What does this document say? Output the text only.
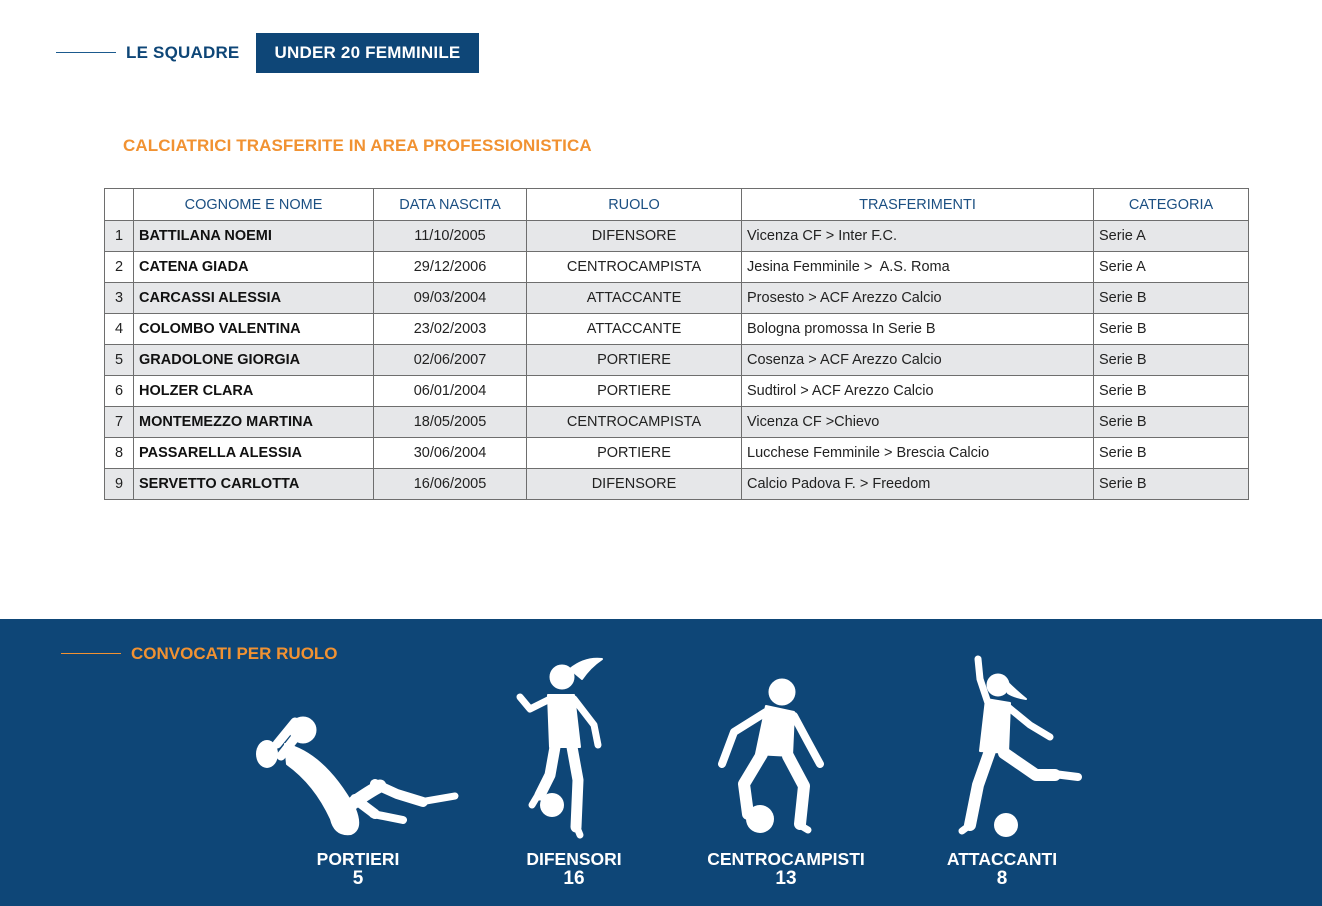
LE SQUADRE	UNDER 20 FEMMINILE
CALCIATRICI TRASFERITE IN AREA PROFESSIONISTICA
	COGNOME E NOME	DATA NASCITA	RUOLO	TRASFERIMENTI	CATEGORIA
1	BATTILANA NOEMI	11/10/2005	DIFENSORE	Vicenza CF > Inter F.C.	Serie A
2	CATENA GIADA	29/12/2006	CENTROCAMPISTA	Jesina Femminile >  A.S. Roma	Serie A
3	CARCASSI ALESSIA	09/03/2004	ATTACCANTE	Prosesto > ACF Arezzo Calcio	Serie B
4	COLOMBO VALENTINA	23/02/2003	ATTACCANTE	Bologna promossa In Serie B	Serie B
5	GRADOLONE GIORGIA	02/06/2007	PORTIERE	Cosenza > ACF Arezzo Calcio	Serie B
6	HOLZER CLARA	06/01/2004	PORTIERE	Sudtirol > ACF Arezzo Calcio	Serie B
7	MONTEMEZZO MARTINA	18/05/2005	CENTROCAMPISTA	Vicenza CF >Chievo	Serie B
8	PASSARELLA ALESSIA	30/06/2004	PORTIERE	Lucchese Femminile > Brescia Calcio	Serie B
9	SERVETTO CARLOTTA	16/06/2005	DIFENSORE	Calcio Padova F. > Freedom	Serie B
CONVOCATI PER RUOLO
PORTIERI
5
DIFENSORI
16
CENTROCAMPISTI
13
ATTACCANTI
8
